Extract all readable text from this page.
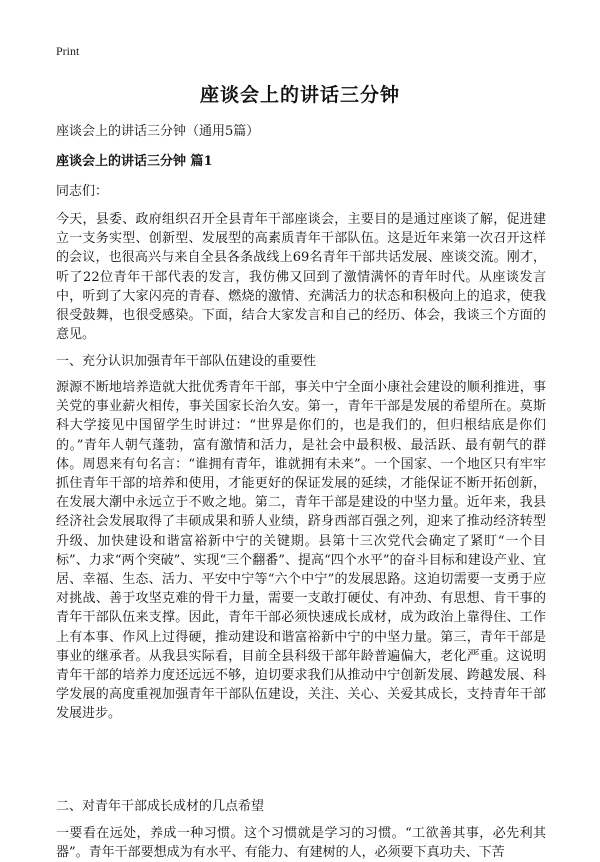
Print
座谈会上的讲话三分钟
座谈会上的讲话三分钟（通用5篇）
座谈会上的讲话三分钟 篇1
同志们：

今天，县委、政府组织召开全县青年干部座谈会，主要目的是通过座谈了解，促进建立一支务实型、创新型、发展型的高素质青年干部队伍。这是近年来第一次召开这样的会议，也很高兴与来自全县各条战线上69名青年干部共话发展、座谈交流。刚才，听了22位青年干部代表的发言，我仿佛又回到了激情满怀的青年时代。从座谈发言中，听到了大家闪亮的青春、燃烧的激情、充满活力的状态和积极向上的追求，使我很受鼓舞，也很受感染。下面，结合大家发言和自己的经历、体会，我谈三个方面的意见。

一、充分认识加强青年干部队伍建设的重要性

源源不断地培养造就大批优秀青年干部，事关中宁全面小康社会建设的顺利推进，事关党的事业薪火相传，事关国家长治久安。第一，青年干部是发展的希望所在。莫斯科大学接见中国留学生时讲过：“世界是你们的，也是我们的，但归根结底是你们的。”青年人朝气蓬勃，富有激情和活力，是社会中最积极、最活跃、最有朝气的群体。周恩来有句名言：“谁拥有青年，谁就拥有未来”。一个国家、一个地区只有牢牢抓住青年干部的培养和使用，才能更好的保证发展的延续，才能保证不断开拓创新，在发展大潮中永远立于不败之地。第二，青年干部是建设的中坚力量。近年来，我县经济社会发展取得了丰硕成果和骄人业绩，跻身西部百强之列，迎来了推动经济转型升级、加快建设和谐富裕新中宁的关键期。县第十三次党代会确定了紧盯“一个目标”、力求“两个突破”、实现“三个翻番”、提高“四个水平”的奋斗目标和建设产业、宜居、幸福、生态、活力、平安中宁等“六个中宁”的发展思路。这迫切需要一支勇于应对挑战、善于攻坚克难的骨干力量，需要一支敢打硬仗、有冲劲、有思想、肯干事的青年干部队伍来支撑。因此，青年干部必须快速成长成材，成为政治上靠得住、工作上有本事、作风上过得硬，推动建设和谐富裕新中宁的中坚力量。第三，青年干部是事业的继承者。从我县实际看，目前全县科级干部年龄普遍偏大，老化严重。这说明青年干部的培养力度还远远不够，迫切要求我们从推动中宁创新发展、跨越发展、科学发展的高度重视加强青年干部队伍建设，关注、关心、关爱其成长，支持青年干部发展进步。

二、对青年干部成长成材的几点希望

一要看在远处，养成一种习惯。这个习惯就是学习的习惯。“工欲善其事，必先利其器”。青年干部要想成为有水平、有能力、有建树的人，必须要下真功夫、下苦
